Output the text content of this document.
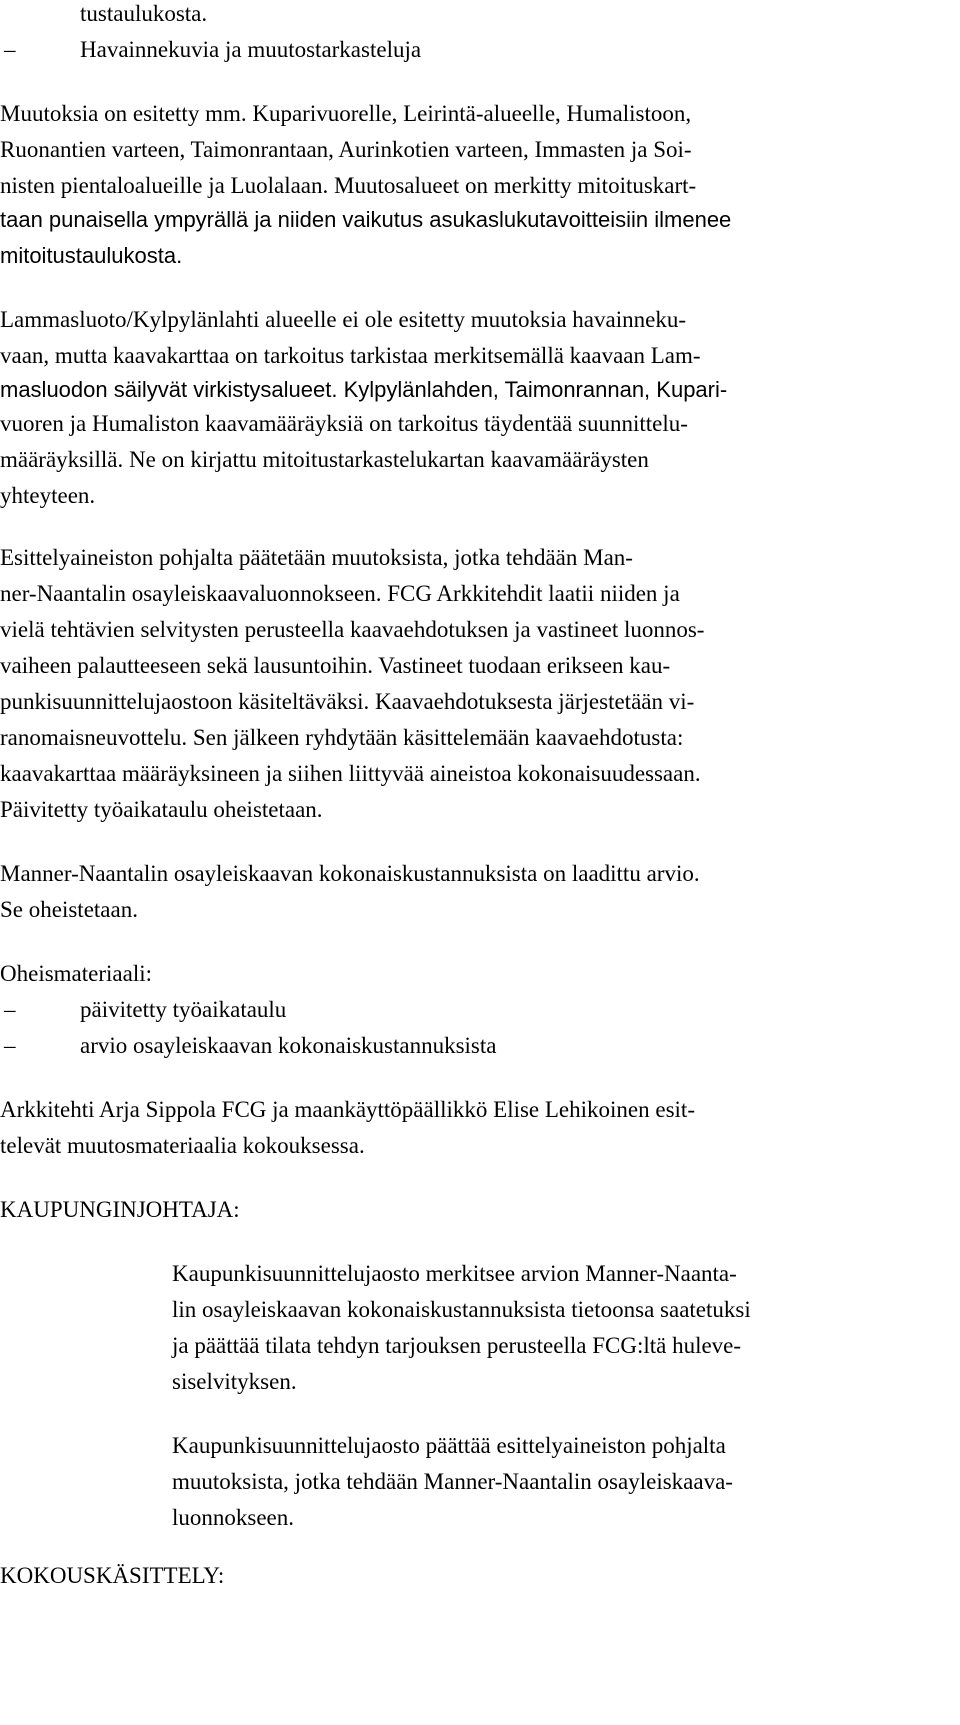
tustaulukosta.
–	Havainnekuvia ja muutostarkasteluja
Muutoksia on esitetty mm. Kuparivuorelle, Leirintä-alueelle, Humalistoon,
Ruonantien varteen, Taimonrantaan, Aurinkotien varteen, Immasten ja Soi-
nisten pientaloalueille ja Luolalaan. Muutosalueet on merkitty mitoituskart-
taan punaisella ympyrällä ja niiden vaikutus asukaslukutavoitteisiin ilmenee
mitoitustaulukosta.
Lammasluoto/Kylpylänlahti alueelle ei ole esitetty muutoksia havainneku-
vaan, mutta kaavakarttaa on tarkoitus tarkistaa merkitsemällä kaavaan Lam-
masluodon säilyvät virkistysalueet. Kylpylänlahden, Taimonrannan, Kupari-
vuoren ja Humaliston kaavamääräyksiä on tarkoitus täydentää suunnittelu-
määräyksillä. Ne on kirjattu mitoitustarkastelukartan kaavamääräysten
yhteyteen.
Esittelyaineiston pohjalta päätetään muutoksista, jotka tehdään Man-
ner-Naantalin osayleiskaavaluonnokseen. FCG Arkkitehdit laatii niiden ja
vielä tehtävien selvitysten perusteella kaavaehdotuksen ja vastineet luonnos-
vaiheen palautteeseen sekä lausuntoihin. Vastineet tuodaan erikseen kau-
punkisuunnittelujaostoon käsiteltäväksi. Kaavaehdotuksesta järjestetään vi-
ranomaisneuvottelu. Sen jälkeen ryhdytään käsittelemään kaavaehdotusta:
kaavakarttaa määräyksineen ja siihen liittyvää aineistoa kokonaisuudessaan.
Päivitetty työaikataulu oheistetaan.
Manner-Naantalin osayleiskaavan kokonaiskustannuksista on laadittu arvio.
Se oheistetaan.
Oheismateriaali:
–	päivitetty työaikataulu
–	arvio osayleiskaavan kokonaiskustannuksista
Arkkitehti Arja Sippola FCG ja maankäyttöpäällikkö Elise Lehikoinen esit-
televät muutosmateriaalia kokouksessa.
KAUPUNGINJOHTAJA:
Kaupunkisuunnittelujaosto merkitsee arvion Manner-Naanta-
lin osayleiskaavan kokonaiskustannuksista tietoonsa saatetuksi
ja päättää tilata tehdyn tarjouksen perusteella FCG:ltä huleve-
siselvityksen.
Kaupunkisuunnittelujaosto päättää esittelyaineiston pohjalta
muutoksista, jotka tehdään Manner-Naantalin osayleiskaava-
luonnokseen.
KOKOUSKÄSITTELY:
